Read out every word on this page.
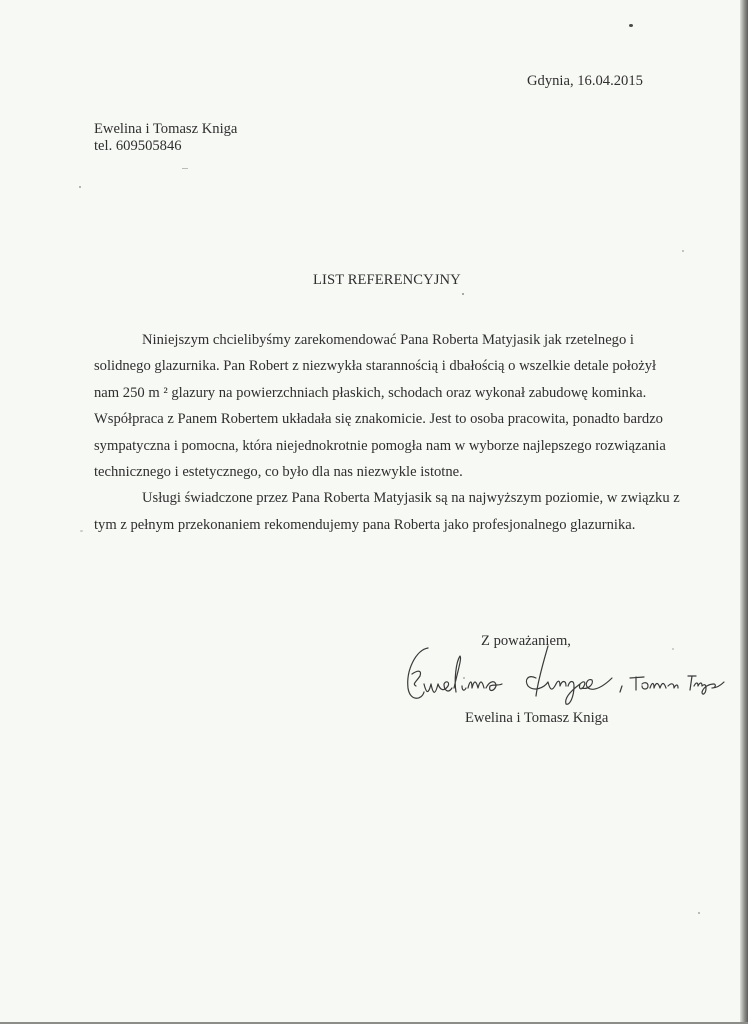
Gdynia, 16.04.2015
Ewelina i Tomasz Kniga
tel. 609505846
LIST REFERENCYJNY
Niniejszym chcielibyśmy zarekomendować Pana Roberta Matyjasik jak rzetelnego i
solidnego glazurnika. Pan Robert z niezwykła starannością i dbałością o wszelkie detale położył
nam 250 m ² glazury na powierzchniach płaskich, schodach oraz wykonał zabudowę kominka.
Współpraca z Panem Robertem układała się znakomicie. Jest to osoba pracowita, ponadto bardzo
sympatyczna i pomocna, która niejednokrotnie pomogła nam w wyborze najlepszego rozwiązania
technicznego i estetycznego, co było dla nas niezwykle istotne.
Usługi świadczone przez Pana Roberta Matyjasik są na najwyższym poziomie, w związku z
tym z pełnym przekonaniem rekomendujemy pana Roberta jako profesjonalnego glazurnika.
Z poważaniem,
Ewelina i Tomasz Kniga
